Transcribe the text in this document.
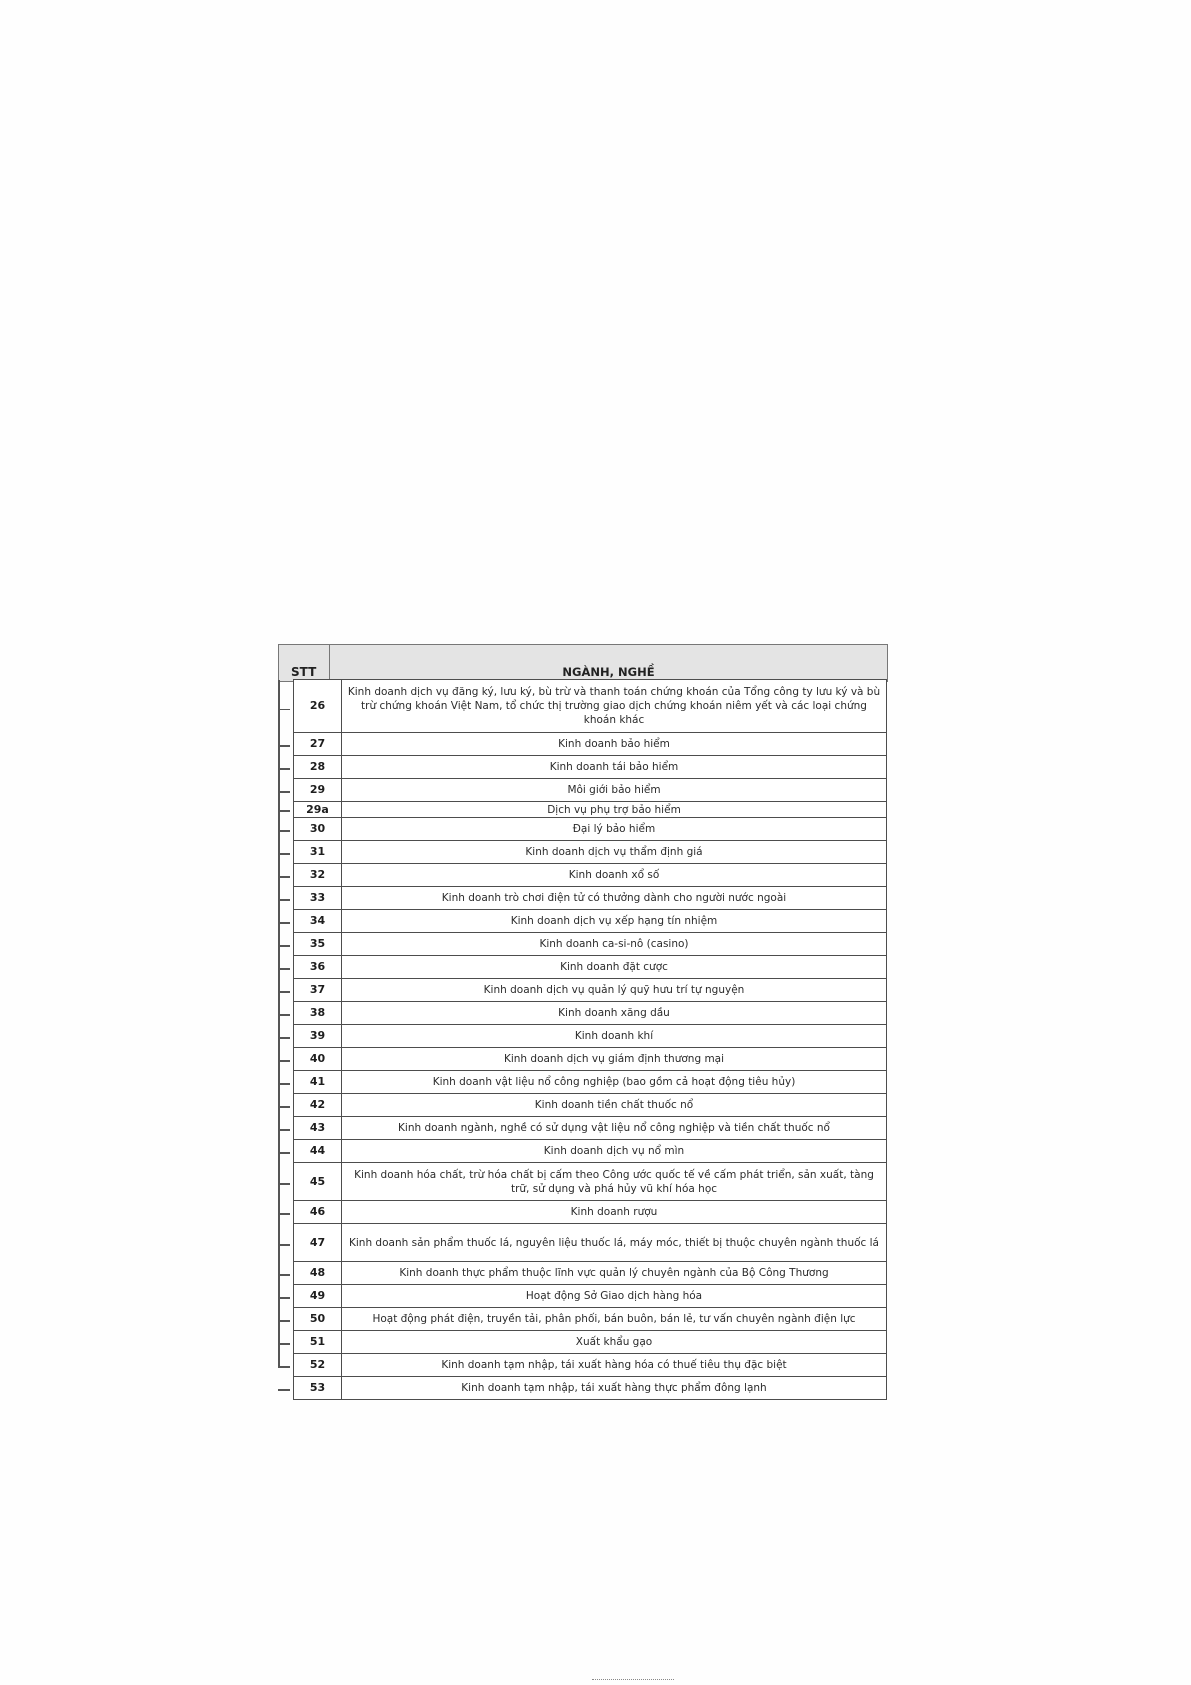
STT	NGÀNH, NGHỀ
26	Kinh doanh dịch vụ đăng ký, lưu ký, bù trừ và thanh toán chứng khoán của Tổng công ty lưu ký và bù trừ chứng khoán Việt Nam, tổ chức thị trường giao dịch chứng khoán niêm yết và các loại chứng khoán khác
27	Kinh doanh bảo hiểm
28	Kinh doanh tái bảo hiểm
29	Môi giới bảo hiểm
29a	Dịch vụ phụ trợ bảo hiểm
30	Đại lý bảo hiểm
31	Kinh doanh dịch vụ thẩm định giá
32	Kinh doanh xổ số
33	Kinh doanh trò chơi điện tử có thưởng dành cho người nước ngoài
34	Kinh doanh dịch vụ xếp hạng tín nhiệm
35	Kinh doanh ca-si-nô (casino)
36	Kinh doanh đặt cược
37	Kinh doanh dịch vụ quản lý quỹ hưu trí tự nguyện
38	Kinh doanh xăng dầu
39	Kinh doanh khí
40	Kinh doanh dịch vụ giám định thương mại
41	Kinh doanh vật liệu nổ công nghiệp (bao gồm cả hoạt động tiêu hủy)
42	Kinh doanh tiền chất thuốc nổ
43	Kinh doanh ngành, nghề có sử dụng vật liệu nổ công nghiệp và tiền chất thuốc nổ
44	Kinh doanh dịch vụ nổ mìn
45	Kinh doanh hóa chất, trừ hóa chất bị cấm theo Công ước quốc tế về cấm phát triển, sản xuất, tàng trữ, sử dụng và phá hủy vũ khí hóa học
46	Kinh doanh rượu
47	Kinh doanh sản phẩm thuốc lá, nguyên liệu thuốc lá, máy móc, thiết bị thuộc chuyên ngành thuốc lá
48	Kinh doanh thực phẩm thuộc lĩnh vực quản lý chuyên ngành của Bộ Công Thương
49	Hoạt động Sở Giao dịch hàng hóa
50	Hoạt động phát điện, truyền tải, phân phối, bán buôn, bán lẻ, tư vấn chuyên ngành điện lực
51	Xuất khẩu gạo
52	Kinh doanh tạm nhập, tái xuất hàng hóa có thuế tiêu thụ đặc biệt
53	Kinh doanh tạm nhập, tái xuất hàng thực phẩm đông lạnh
